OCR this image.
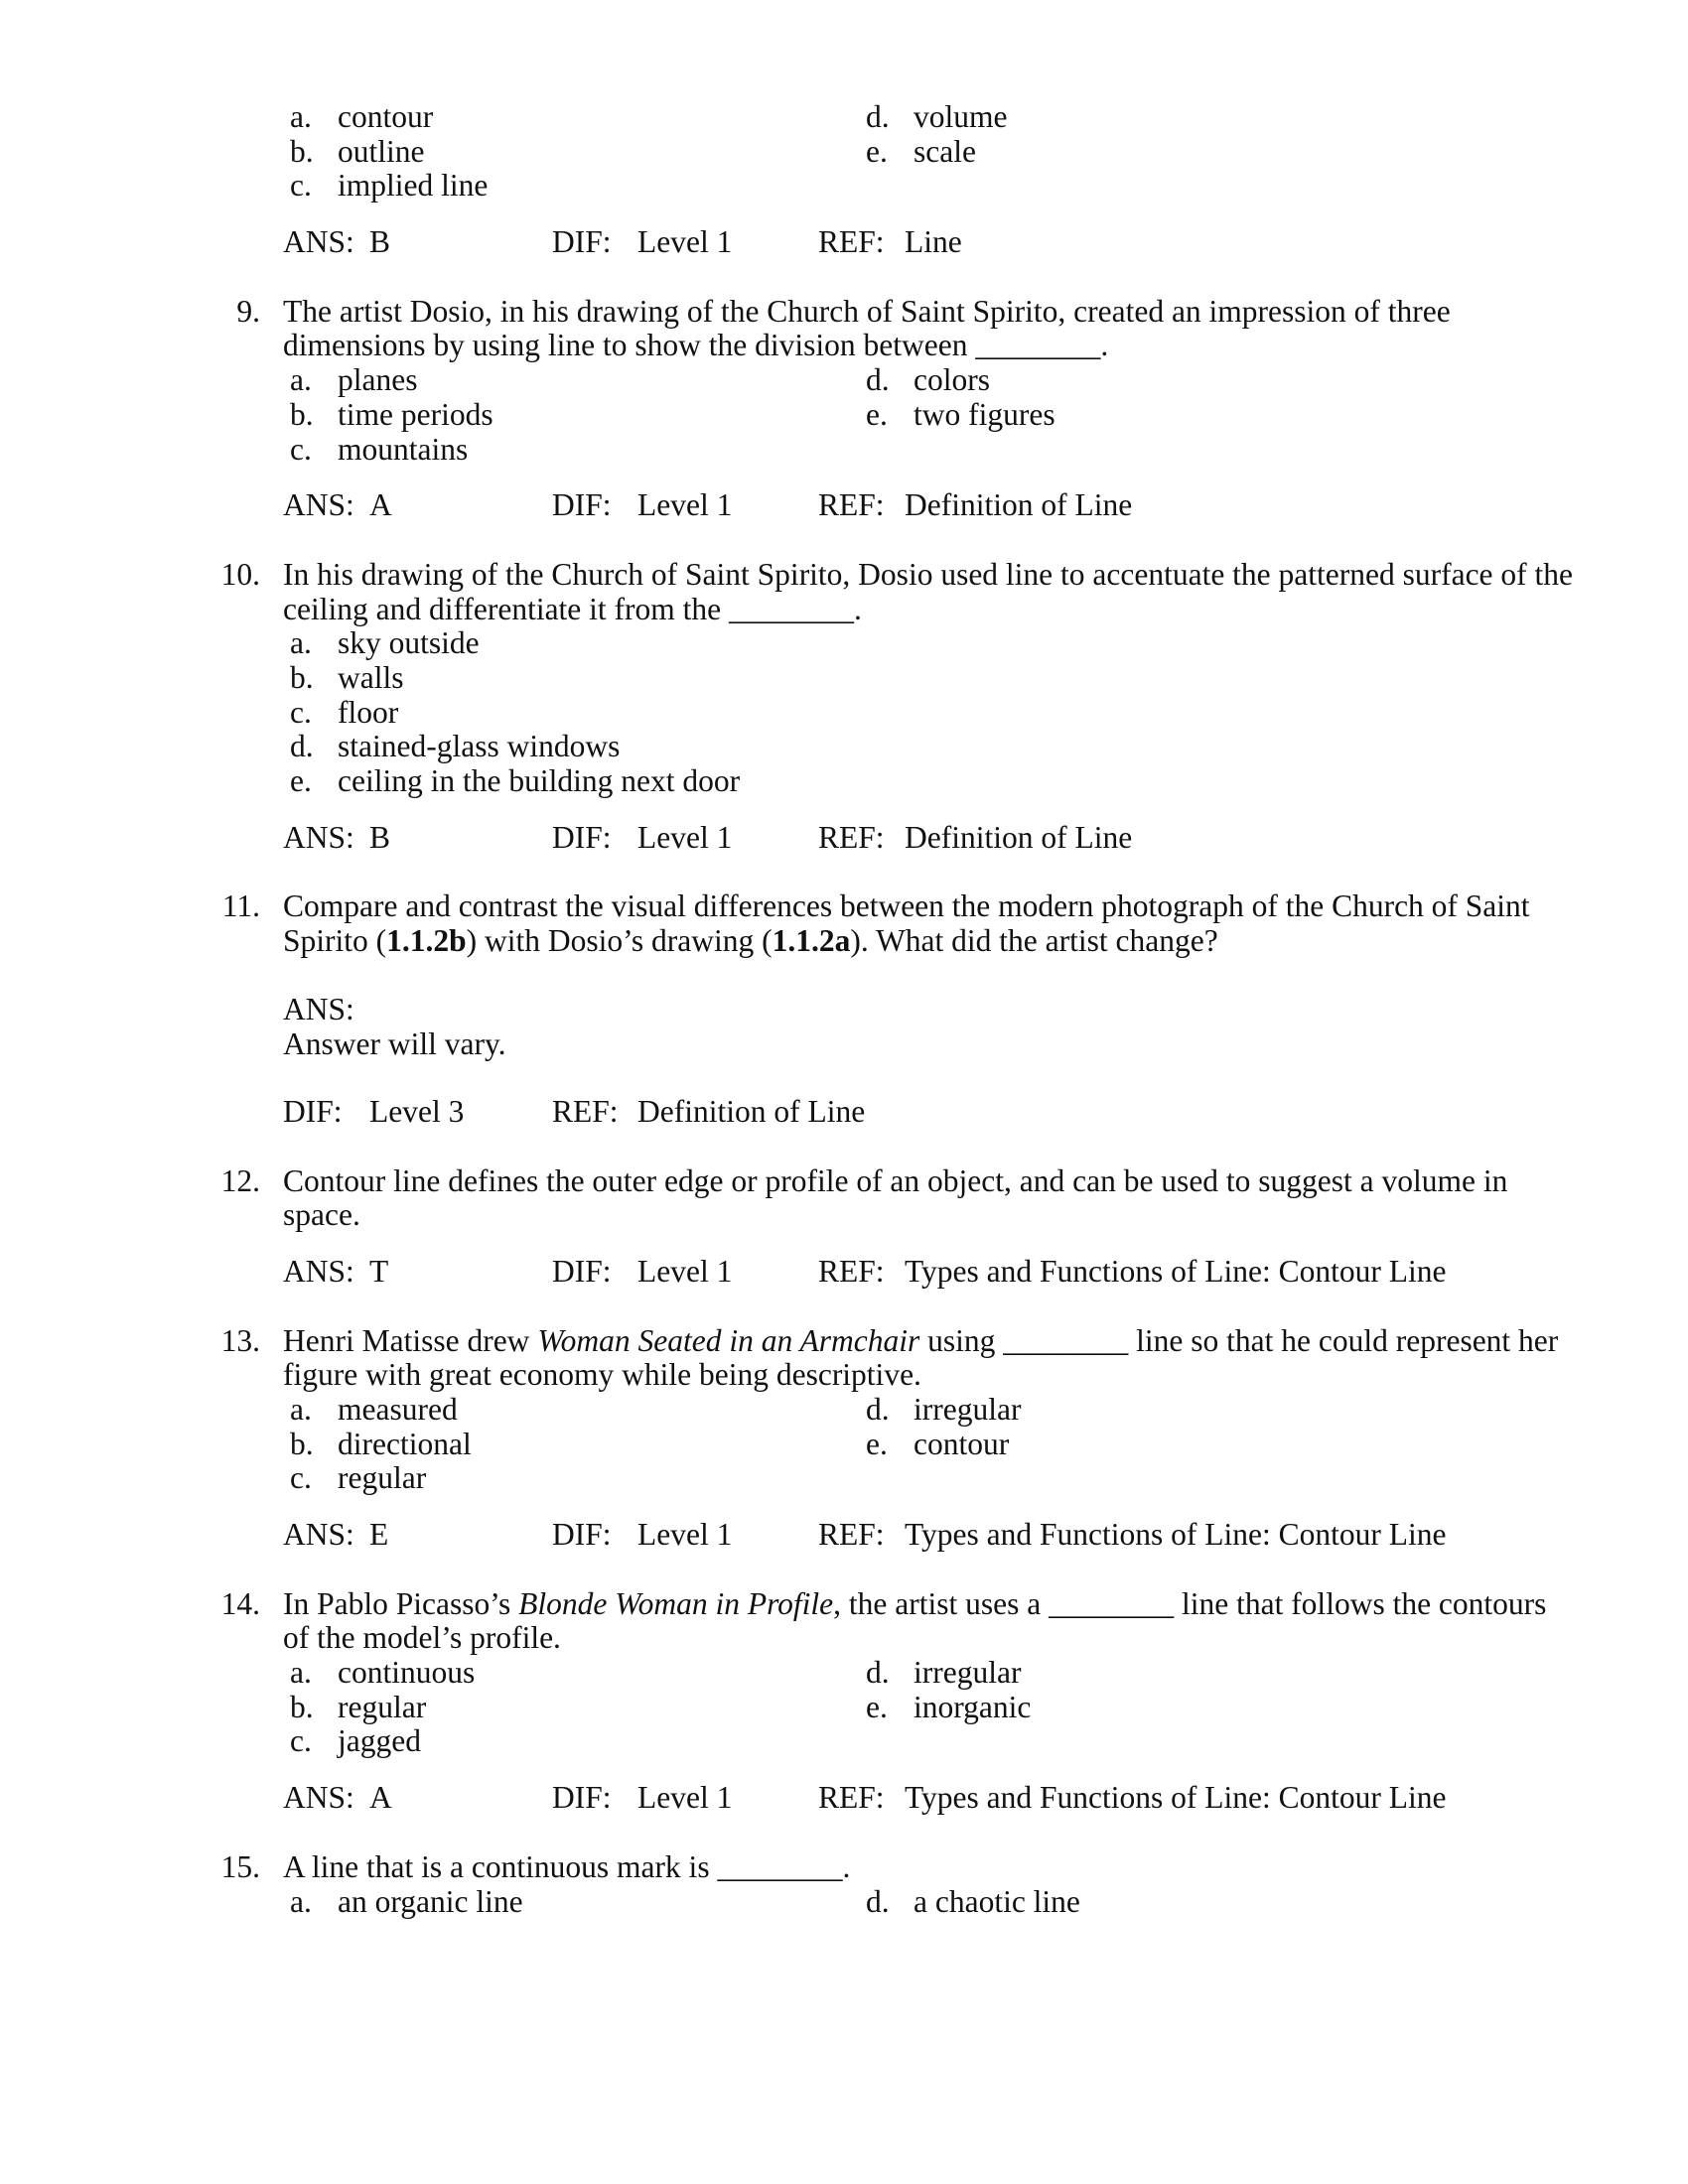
a. contour	d. volume
b. outline	e. scale
c. implied line
ANS: B	DIF: Level 1	REF: Line
9. The artist Dosio, in his drawing of the Church of Saint Spirito, created an impression of three
dimensions by using line to show the division between ________.
a. planes	d. colors
b. time periods	e. two figures
c. mountains
ANS: A	DIF: Level 1	REF: Definition of Line
10. In his drawing of the Church of Saint Spirito, Dosio used line to accentuate the patterned surface of the
ceiling and differentiate it from the ________.
a. sky outside
b. walls
c. floor
d. stained-glass windows
e. ceiling in the building next door
ANS: B	DIF: Level 1	REF: Definition of Line
11. Compare and contrast the visual differences between the modern photograph of the Church of Saint
Spirito (1.1.2b) with Dosio’s drawing (1.1.2a). What did the artist change?
ANS:
Answer will vary.
DIF: Level 3	REF: Definition of Line
12. Contour line defines the outer edge or profile of an object, and can be used to suggest a volume in
space.
ANS: T	DIF: Level 1	REF: Types and Functions of Line: Contour Line
13. Henri Matisse drew Woman Seated in an Armchair using ________ line so that he could represent her
figure with great economy while being descriptive.
a. measured	d. irregular
b. directional	e. contour
c. regular
ANS: E	DIF: Level 1	REF: Types and Functions of Line: Contour Line
14. In Pablo Picasso’s Blonde Woman in Profile, the artist uses a ________ line that follows the contours
of the model’s profile.
a. continuous	d. irregular
b. regular	e. inorganic
c. jagged
ANS: A	DIF: Level 1	REF: Types and Functions of Line: Contour Line
15. A line that is a continuous mark is ________.
a. an organic line	d. a chaotic line
